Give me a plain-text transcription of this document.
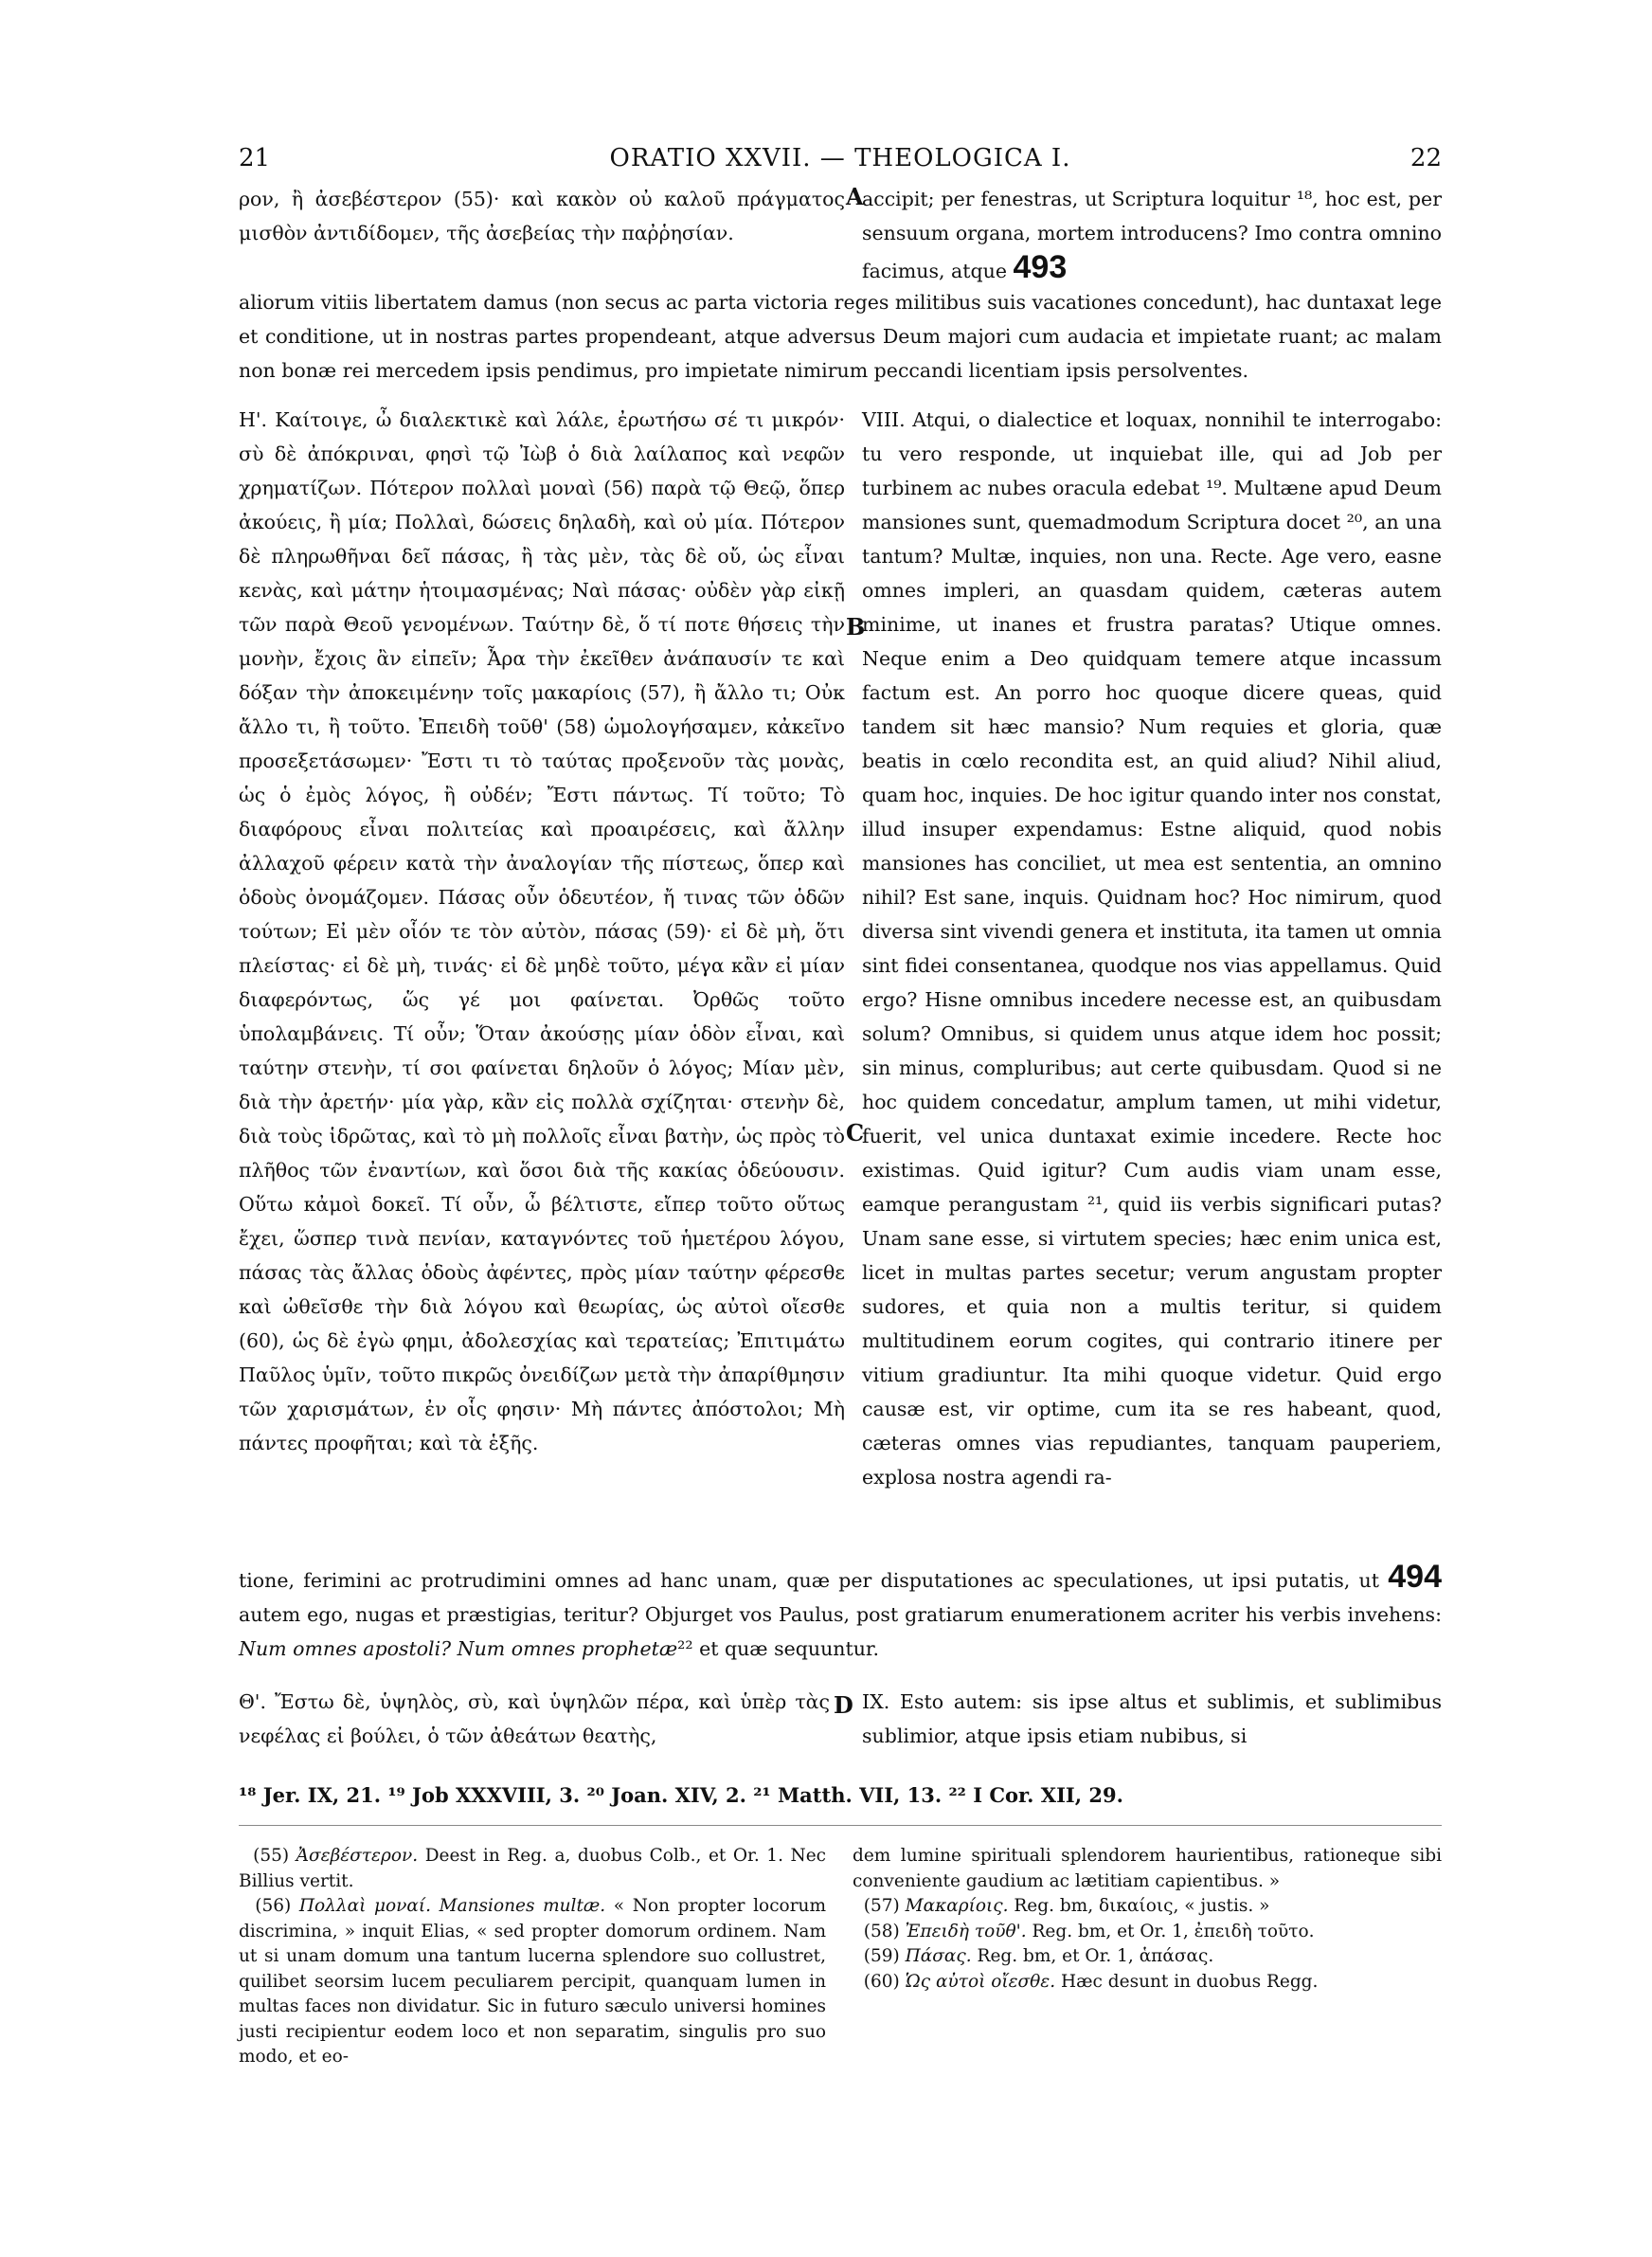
21	ORATIO XXVII. — THEOLOGICA I.	22

ρον, ἢ ἀσεβέστερον (55)· καὶ κακὸν οὐ καλοῦ πράγματος μισθὸν ἀντιδίδομεν, τῆς ἀσεβείας τὴν παῤῥησίαν.

accipit; per fenestras, ut Scriptura loquitur ¹⁸, hoc est, per sensuum organa, mortem introducens? Imo contra omnino facimus, atque 493

aliorum vitiis libertatem damus (non secus ac parta victoria reges militibus suis vacationes concedunt), hac duntaxat lege et conditione, ut in nostras partes propendeant, atque adversus Deum majori cum audacia et impietate ruant; ac malam non bonæ rei mercedem ipsis pendimus, pro impietate nimirum peccandi licentiam ipsis persolventes.

Η'. Καίτοιγε, ὦ διαλεκτικὲ καὶ λάλε, ἐρωτήσω σέ τι μικρόν· σὺ δὲ ἀπόκριναι, φησὶ τῷ Ἰὼβ ὁ διὰ λαίλαπος καὶ νεφῶν χρηματίζων. Πότερον πολλαὶ μοναὶ (56) παρὰ τῷ Θεῷ, ὅπερ ἀκούεις, ἢ μία; Πολλαὶ, δώσεις δηλαδὴ, καὶ οὐ μία. Πότερον δὲ πληρωθῆναι δεῖ πάσας, ἢ τὰς μὲν, τὰς δὲ οὔ, ὡς εἶναι κενὰς, καὶ μάτην ἡτοιμασμένας; Ναὶ πάσας· οὐδὲν γὰρ εἰκῇ τῶν παρὰ Θεοῦ γενομένων. Ταύτην δὲ, ὅ τί ποτε θήσεις τὴν μονὴν, ἔχοις ἂν εἰπεῖν; Ἆρα τὴν ἐκεῖθεν ἀνάπαυσίν τε καὶ δόξαν τὴν ἀποκειμένην τοῖς μακαρίοις (57), ἢ ἄλλο τι; Οὐκ ἄλλο τι, ἢ τοῦτο. Ἐπειδὴ τοῦθ' (58) ὡμολογήσαμεν, κἀκεῖνο προσεξετάσωμεν· Ἔστι τι τὸ ταύτας προξενοῦν τὰς μονὰς, ὡς ὁ ἐμὸς λόγος, ἢ οὐδέν; Ἔστι πάντως. Τί τοῦτο; Τὸ διαφόρους εἶναι πολιτείας καὶ προαιρέσεις, καὶ ἄλλην ἀλλαχοῦ φέρειν κατὰ τὴν ἀναλογίαν τῆς πίστεως, ὅπερ καὶ ὁδοὺς ὀνομάζομεν. Πάσας οὖν ὁδευτέον, ἤ τινας τῶν ὁδῶν τούτων; Εἰ μὲν οἷόν τε τὸν αὐτὸν, πάσας (59)· εἰ δὲ μὴ, ὅτι πλείστας· εἰ δὲ μὴ, τινάς· εἰ δὲ μηδὲ τοῦτο, μέγα κἂν εἰ μίαν διαφερόντως, ὥς γέ μοι φαίνεται. Ὀρθῶς τοῦτο ὑπολαμβάνεις. Τί οὖν; Ὅταν ἀκούσῃς μίαν ὁδὸν εἶναι, καὶ ταύτην στενὴν, τί σοι φαίνεται δηλοῦν ὁ λόγος; Μίαν μὲν, διὰ τὴν ἀρετήν· μία γὰρ, κἂν εἰς πολλὰ σχίζηται· στενὴν δὲ, διὰ τοὺς ἱδρῶτας, καὶ τὸ μὴ πολλοῖς εἶναι βατὴν, ὡς πρὸς τὸ πλῆθος τῶν ἐναντίων, καὶ ὅσοι διὰ τῆς κακίας ὁδεύουσιν. Οὕτω κἀμοὶ δοκεῖ. Τί οὖν, ὦ βέλτιστε, εἴπερ τοῦτο οὕτως ἔχει, ὥσπερ τινὰ πενίαν, καταγνόντες τοῦ ἡμετέρου λόγου, πάσας τὰς ἄλλας ὁδοὺς ἀφέντες, πρὸς μίαν ταύτην φέρεσθε καὶ ὠθεῖσθε τὴν διὰ λόγου καὶ θεωρίας, ὡς αὐτοὶ οἴεσθε (60), ὡς δὲ ἐγὼ φημι, ἀδολεσχίας καὶ τερατείας; Ἐπιτιμάτω Παῦλος ὑμῖν, τοῦτο πικρῶς ὀνειδίζων μετὰ τὴν ἀπαρίθμησιν τῶν χαρισμάτων, ἐν οἷς φησιν· Μὴ πάντες ἀπόστολοι; Μὴ πάντες προφῆται; καὶ τὰ ἑξῆς.

VIII. Atqui, o dialectice et loquax, nonnihil te interrogabo: tu vero responde, ut inquiebat ille, qui ad Job per turbinem ac nubes oracula edebat ¹⁹. Multæne apud Deum mansiones sunt, quemadmodum Scriptura docet ²⁰, an una tantum? Multæ, inquies, non una. Recte. Age vero, easne omnes impleri, an quasdam quidem, cæteras autem minime, ut inanes et frustra paratas? Utique omnes. Neque enim a Deo quidquam temere atque incassum factum est. An porro hoc quoque dicere queas, quid tandem sit hæc mansio? Num requies et gloria, quæ beatis in cœlo recondita est, an quid aliud? Nihil aliud, quam hoc, inquies. De hoc igitur quando inter nos constat, illud insuper expendamus: Estne aliquid, quod nobis mansiones has conciliet, ut mea est sententia, an omnino nihil? Est sane, inquis. Quidnam hoc? Hoc nimirum, quod diversa sint vivendi genera et instituta, ita tamen ut omnia sint fidei consentanea, quodque nos vias appellamus. Quid ergo? Hisne omnibus incedere necesse est, an quibusdam solum? Omnibus, si quidem unus atque idem hoc possit; sin minus, compluribus; aut certe quibusdam. Quod si ne hoc quidem concedatur, amplum tamen, ut mihi videtur, fuerit, vel unica duntaxat eximie incedere. Recte hoc existimas. Quid igitur? Cum audis viam unam esse, eamque perangustam ²¹, quid iis verbis significari putas? Unam sane esse, si virtutem species; hæc enim unica est, licet in multas partes secetur; verum angustam propter sudores, et quia non a multis teritur, si quidem multitudinem eorum cogites, qui contrario itinere per vitium gradiuntur. Ita mihi quoque videtur. Quid ergo causæ est, vir optime, cum ita se res habeant, quod, cæteras omnes vias repudiantes, tanquam pauperiem, explosa nostra agendi ra-

A
B
C
D

tione, ferimini ac protrudimini omnes ad hanc unam, quæ per disputationes ac speculationes, ut ipsi putatis, ut 494 autem ego, nugas et præstigias, teritur? Objurget vos Paulus, post gratiarum enumerationem acriter his verbis invehens: Num omnes apostoli? Num omnes prophetæ²² et quæ sequuntur.

Θ'. Ἔστω δὲ, ὑψηλὸς, σὺ, καὶ ὑψηλῶν πέρα, καὶ ὑπὲρ τὰς νεφέλας εἰ βούλει, ὁ τῶν ἀθεάτων θεατὴς,

IX. Esto autem: sis ipse altus et sublimis, et sublimibus sublimior, atque ipsis etiam nubibus, si

¹⁸ Jer. IX, 21. ¹⁹ Job XXXVIII, 3. ²⁰ Joan. XIV, 2. ²¹ Matth. VII, 13. ²² I Cor. XII, 29.

(55) Ἀσεβέστερον. Deest in Reg. a, duobus Colb., et Or. 1. Nec Billius vertit.

(56) Πολλαὶ μοναί. Mansiones multæ. « Non propter locorum discrimina, » inquit Elias, « sed propter domorum ordinem. Nam ut si unam domum una tantum lucerna splendore suo collustret, quilibet seorsim lucem peculiarem percipit, quanquam lumen in multas faces non dividatur. Sic in futuro sæculo universi homines justi recipientur eodem loco et non separatim, singulis pro suo modo, et eo-

dem lumine spirituali splendorem haurientibus, rationeque sibi conveniente gaudium ac lætitiam capientibus. »

(57) Μακαρίοις. Reg. bm, δικαίοις, « justis. »

(58) Ἐπειδὴ τοῦθ'. Reg. bm, et Or. 1, ἐπειδὴ τοῦτο.

(59) Πάσας. Reg. bm, et Or. 1, ἁπάσας.

(60) Ὡς αὐτοὶ οἴεσθε. Hæc desunt in duobus Regg.
